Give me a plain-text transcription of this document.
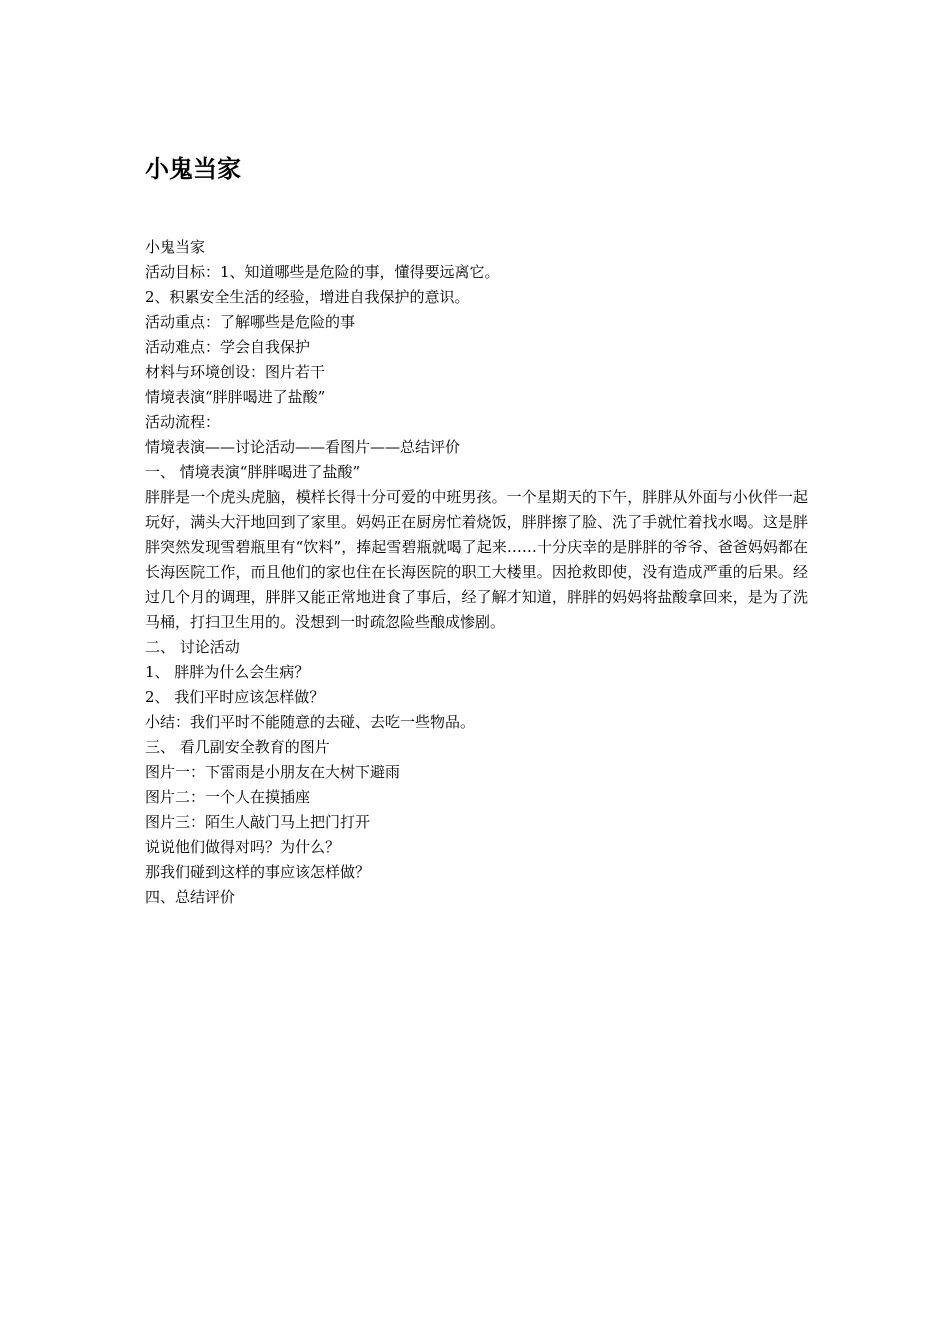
小鬼当家

小鬼当家

活动目标：1、知道哪些是危险的事，懂得要远离它。

2、积累安全生活的经验，增进自我保护的意识。

活动重点：了解哪些是危险的事

活动难点：学会自我保护

材料与环境创设：图片若干

情境表演“胖胖喝进了盐酸”

活动流程：

情境表演——讨论活动——看图片——总结评价

一、 情境表演“胖胖喝进了盐酸”

胖胖是一个虎头虎脑，模样长得十分可爱的中班男孩。一个星期天的下午，胖胖从外面与小伙伴一起玩好，满头大汗地回到了家里。妈妈正在厨房忙着烧饭，胖胖擦了脸、洗了手就忙着找水喝。这是胖胖突然发现雪碧瓶里有“饮料”，捧起雪碧瓶就喝了起来……十分庆幸的是胖胖的爷爷、爸爸妈妈都在长海医院工作，而且他们的家也住在长海医院的职工大楼里。因抢救即使，没有造成严重的后果。经过几个月的调理，胖胖又能正常地进食了事后，经了解才知道，胖胖的妈妈将盐酸拿回来，是为了洗马桶，打扫卫生用的。没想到一时疏忽险些酿成惨剧。

二、 讨论活动

1、 胖胖为什么会生病？

2、 我们平时应该怎样做？

小结：我们平时不能随意的去碰、去吃一些物品。

三、 看几副安全教育的图片

图片一：下雷雨是小朋友在大树下避雨

图片二：一个人在摸插座

图片三：陌生人敲门马上把门打开

说说他们做得对吗？为什么？

那我们碰到这样的事应该怎样做？

四、总结评价
